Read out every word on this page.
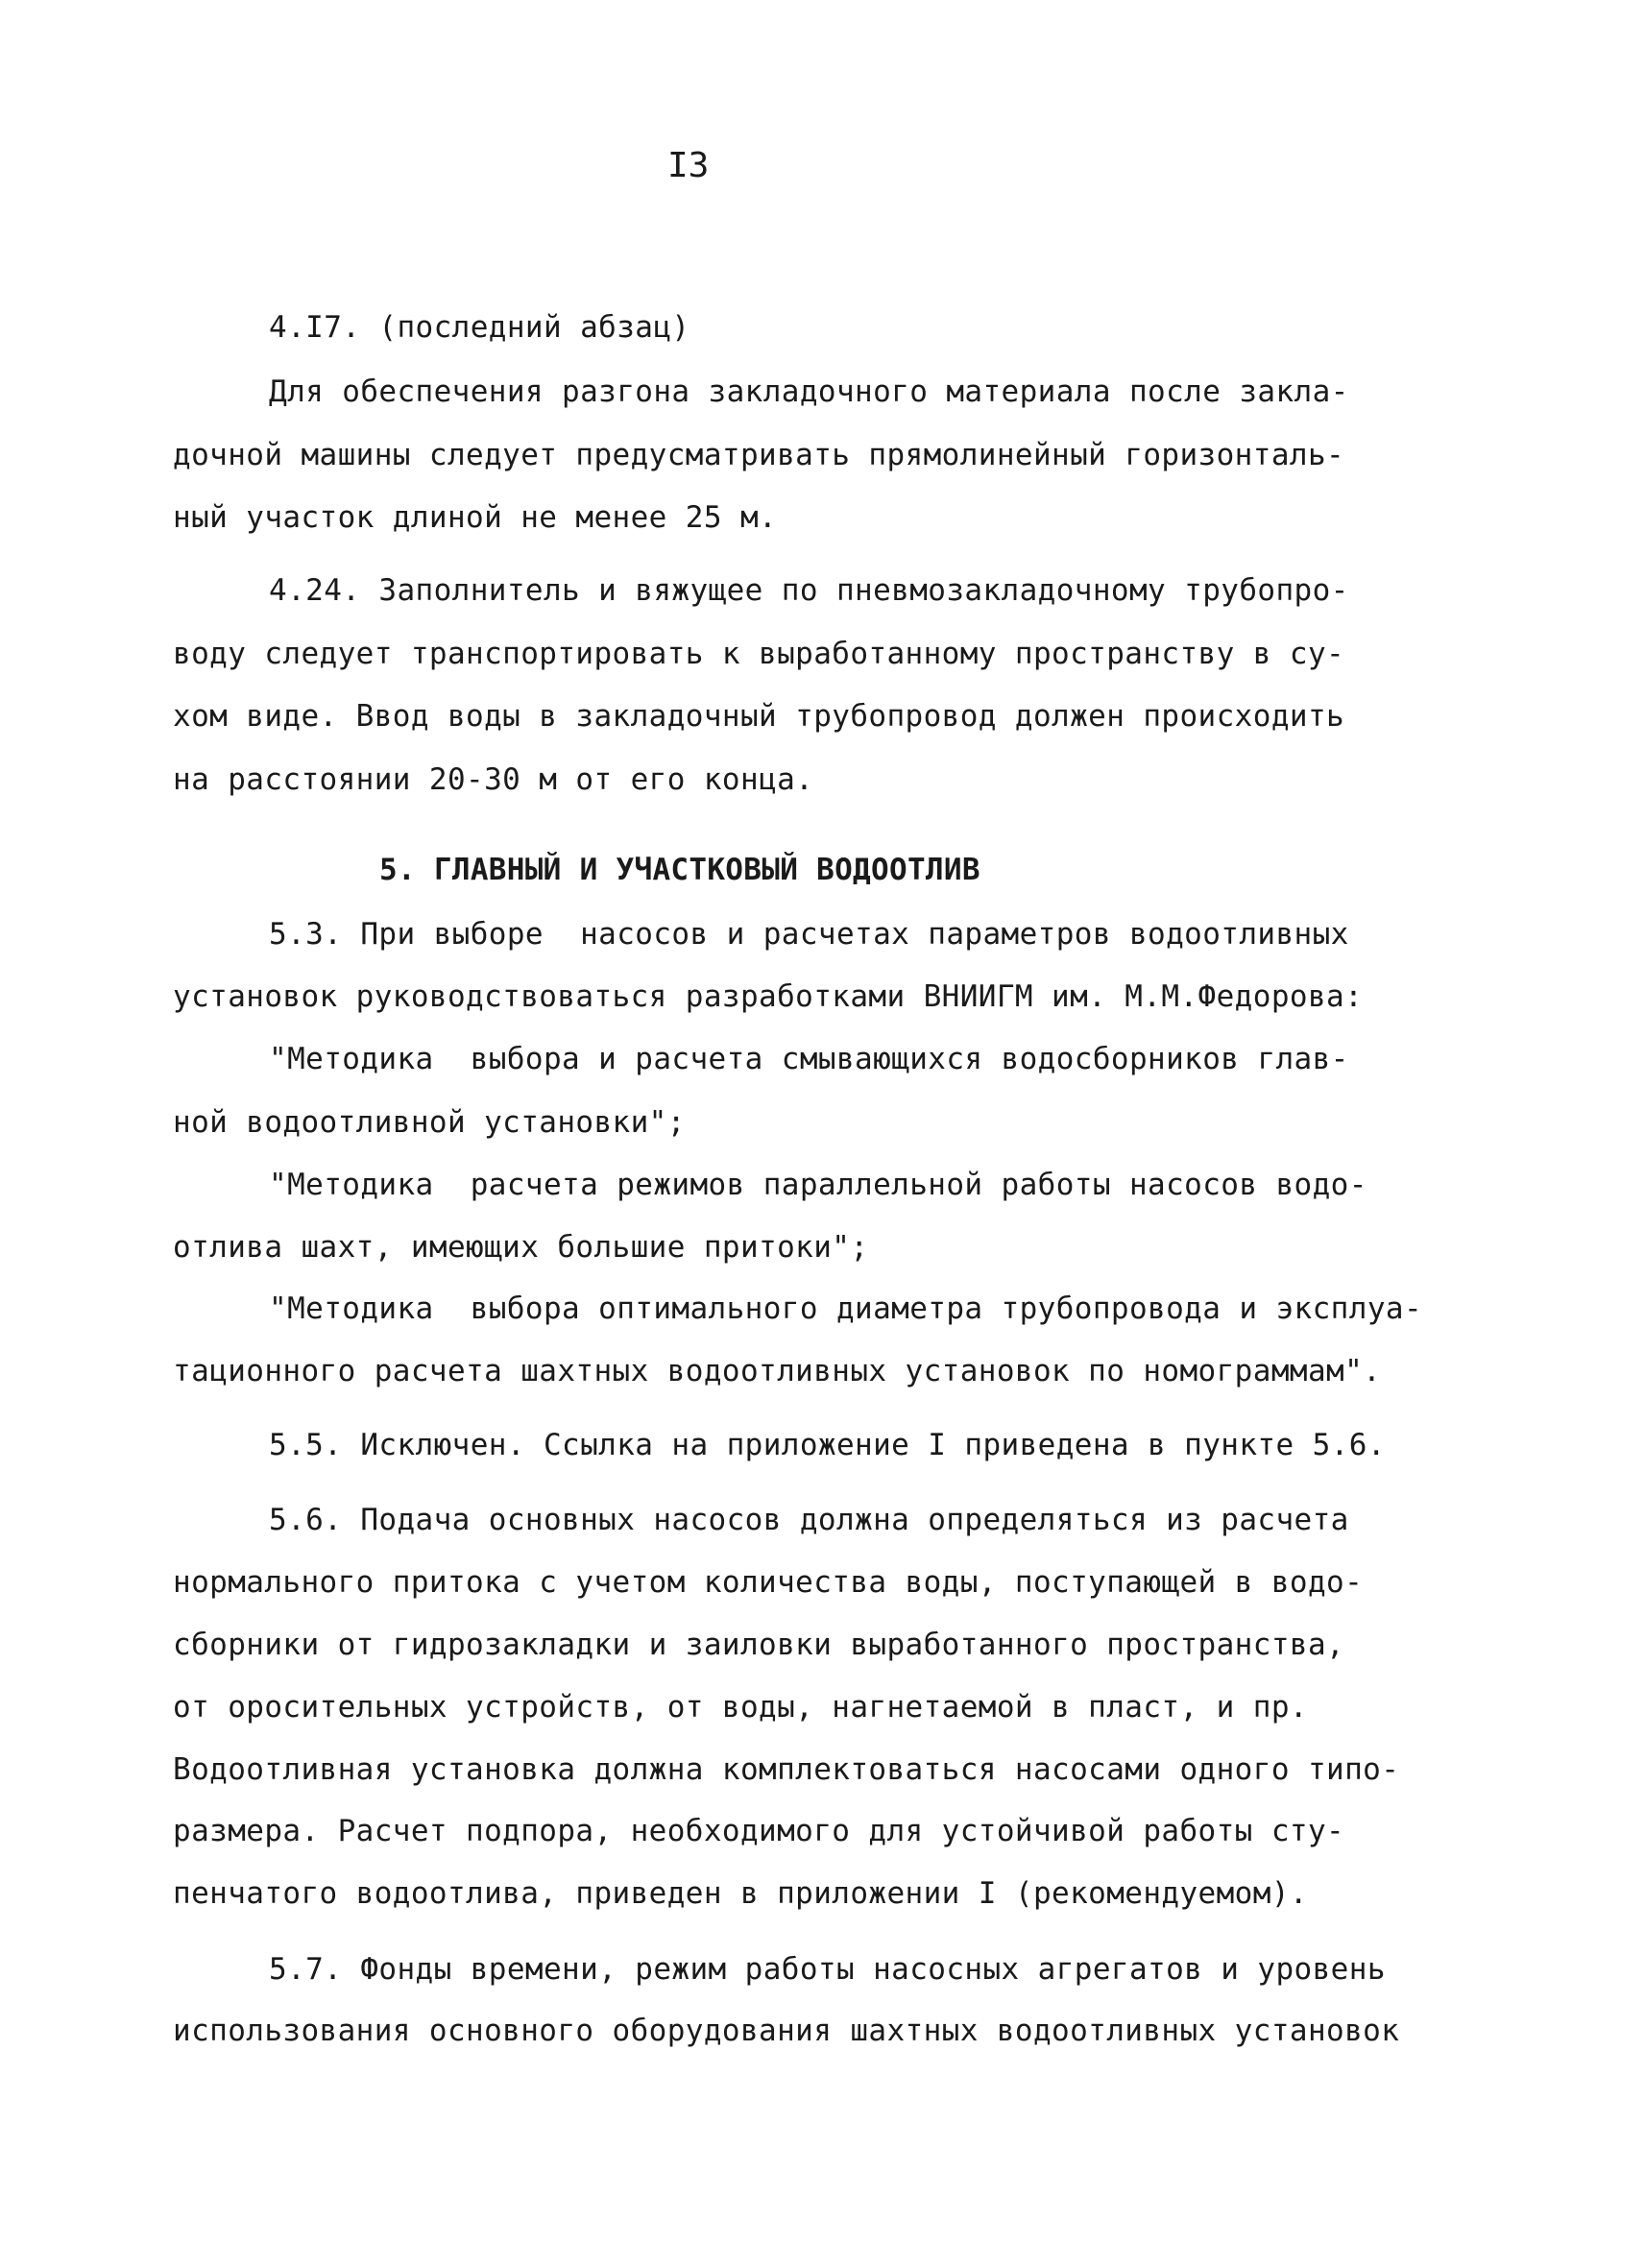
I3
4.I7. (последний абзац)
Для обеспечения разгона закладочного материала после закла-
дочной машины следует предусматривать прямолинейный горизонталь-
ный участок длиной не менее 25 м.
4.24. Заполнитель и вяжущее по пневмозакладочному трубопро-
воду следует транспортировать к выработанному пространству в су-
хом виде. Ввод воды в закладочный трубопровод должен происходить
на расстоянии 20-30 м от его конца.
5. ГЛАВНЫЙ И УЧАСТКОВЫЙ ВОДООТЛИВ
5.3. При выборе  насосов и расчетах параметров водоотливных
установок руководствоваться разработками ВНИИГМ им. М.М.Федорова:
"Методика  выбора и расчета смывающихся водосборников глав-
ной водоотливной установки";
"Методика  расчета режимов параллельной работы насосов водо-
отлива шахт, имеющих большие притоки";
"Методика  выбора оптимального диаметра трубопровода и эксплуа-
тационного расчета шахтных водоотливных установок по номограммам".
5.5. Исключен. Ссылка на приложение I приведена в пункте 5.6.
5.6. Подача основных насосов должна определяться из расчета
нормального притока с учетом количества воды, поступающей в водо-
сборники от гидрозакладки и заиловки выработанного пространства,
от оросительных устройств, от воды, нагнетаемой в пласт, и пр.
Водоотливная установка должна комплектоваться насосами одного типо-
размера. Расчет подпора, необходимого для устойчивой работы сту-
пенчатого водоотлива, приведен в приложении I (рекомендуемом).
5.7. Фонды времени, режим работы насосных агрегатов и уровень
использования основного оборудования шахтных водоотливных установок
